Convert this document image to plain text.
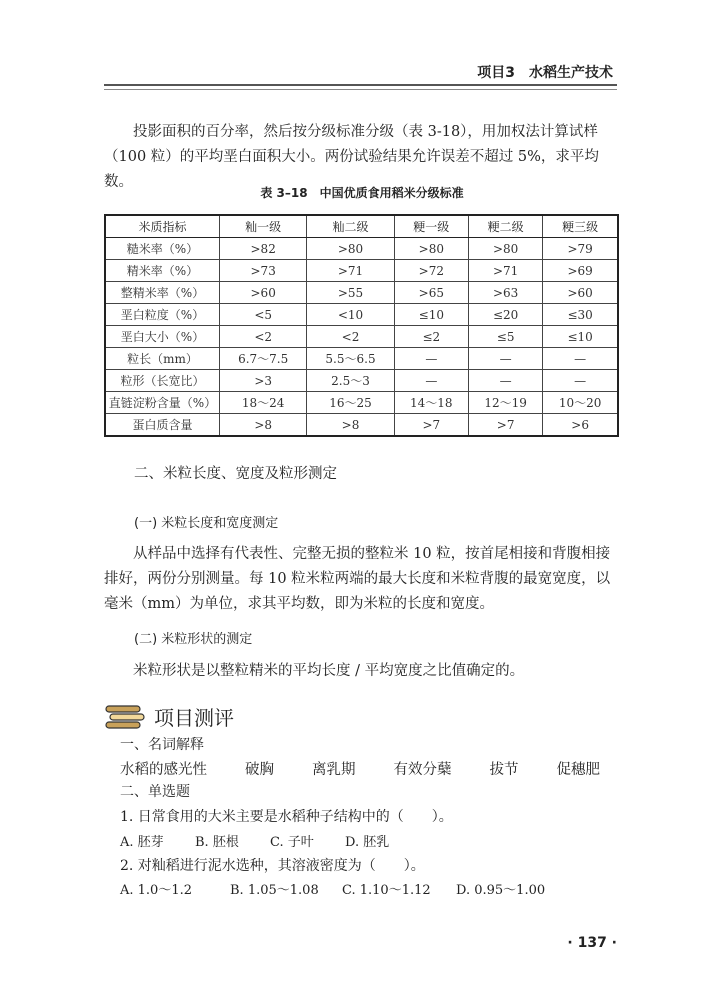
项目3　水稻生产技术

投影面积的百分率，然后按分级标准分级（表 3-18），用加权法计算试样（100 粒）的平均垩白面积大小。两份试验结果允许误差不超过 5%，求平均数。

表 3–18　中国优质食用稻米分级标准
米质指标	籼一级	籼二级	粳一级	粳二级	粳三级
糙米率（%）	>82	>80	>80	>80	>79
精米率（%）	>73	>71	>72	>71	>69
整精米率（%）	>60	>55	>65	>63	>60
垩白粒度（%）	<5	<10	≤10	≤20	≤30
垩白大小（%）	<2	<2	≤2	≤5	≤10
粒长（mm）	6.7～7.5	5.5～6.5	—	—	—
粒形（长宽比）	>3	2.5～3	—	—	—
直链淀粉含量（%）	18～24	16～25	14～18	12～19	10～20
蛋白质含量	>8	>8	>7	>7	>6
二、米粒长度、宽度及粒形测定
(一) 米粒长度和宽度测定

从样品中选择有代表性、完整无损的整粒米 10 粒，按首尾相接和背腹相接排好，两份分别测量。每 10 粒米粒两端的最大长度和米粒背腹的最宽宽度，以毫米（mm）为单位，求其平均数，即为米粒的长度和宽度。

(二) 米粒形状的测定

米粒形状是以整粒精米的平均长度 / 平均宽度之比值确定的。

项目测评
一、名词解释
水稻的感光性	破胸	离乳期	有效分蘖	拔节	促穗肥
二、单选题
1. 日常食用的大米主要是水稻种子结构中的（　　）。
A. 胚芽	B. 胚根	C. 子叶	D. 胚乳
2. 对籼稻进行泥水选种，其溶液密度为（　　）。
A. 1.0～1.2	B. 1.05～1.08	C. 1.10～1.12	D. 0.95～1.00
· 137 ·
